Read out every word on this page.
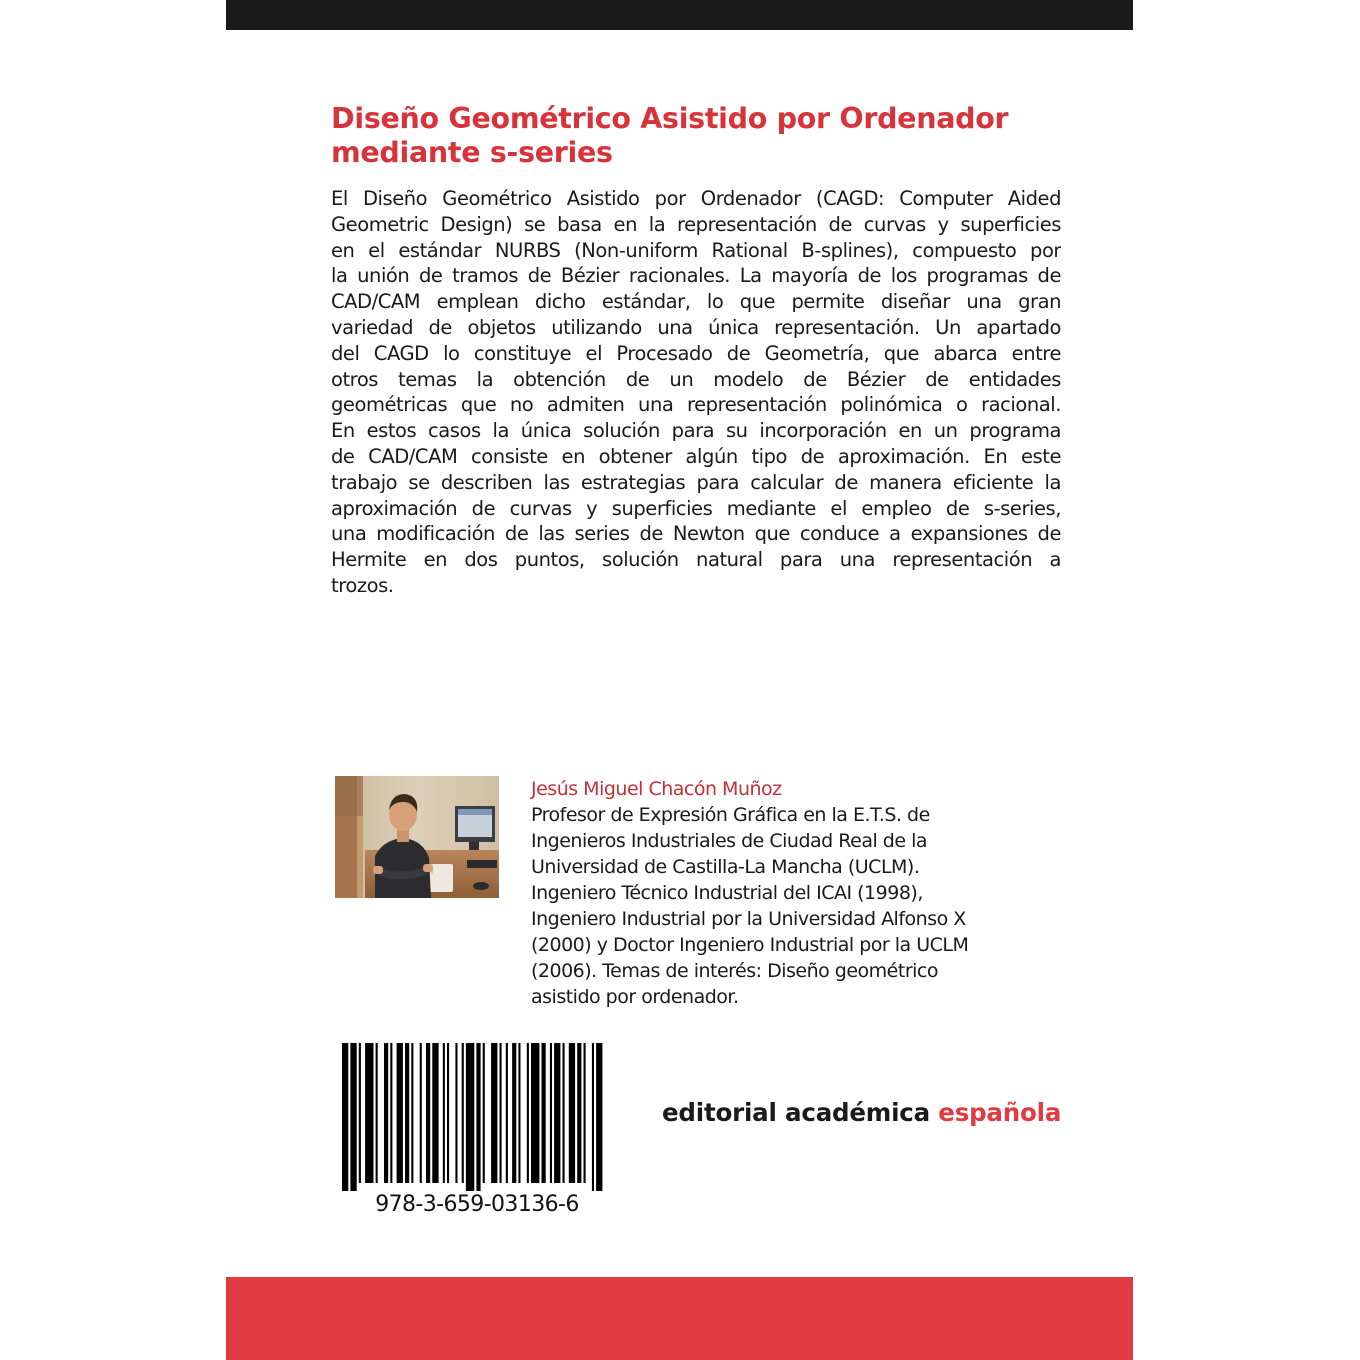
Diseño Geométrico Asistido por Ordenador
mediante s-series
El Diseño Geométrico Asistido por Ordenador (CAGD: Computer Aided
Geometric Design) se basa en la representación de curvas y superficies
en el estándar NURBS (Non-uniform Rational B-splines), compuesto por
la unión de tramos de Bézier racionales. La mayoría de los programas de
CAD/CAM emplean dicho estándar, lo que permite diseñar una gran
variedad de objetos utilizando una única representación. Un apartado
del CAGD lo constituye el Procesado de Geometría, que abarca entre
otros temas la obtención de un modelo de Bézier de entidades
geométricas que no admiten una representación polinómica o racional.
En estos casos la única solución para su incorporación en un programa
de CAD/CAM consiste en obtener algún tipo de aproximación. En este
trabajo se describen las estrategias para calcular de manera eficiente la
aproximación de curvas y superficies mediante el empleo de s-series,
una modificación de las series de Newton que conduce a expansiones de
Hermite en dos puntos, solución natural para una representación a
trozos.

Jesús Miguel Chacón Muñoz

Profesor de Expresión Gráfica en la E.T.S. de
Ingenieros Industriales de Ciudad Real de la
Universidad de Castilla-La Mancha (UCLM).
Ingeniero Técnico Industrial del ICAI (1998),
Ingeniero Industrial por la Universidad Alfonso X
(2000) y Doctor Ingeniero Industrial por la UCLM
(2006). Temas de interés: Diseño geométrico
asistido por ordenador.

978-3-659-03136-6

editorial académica española
